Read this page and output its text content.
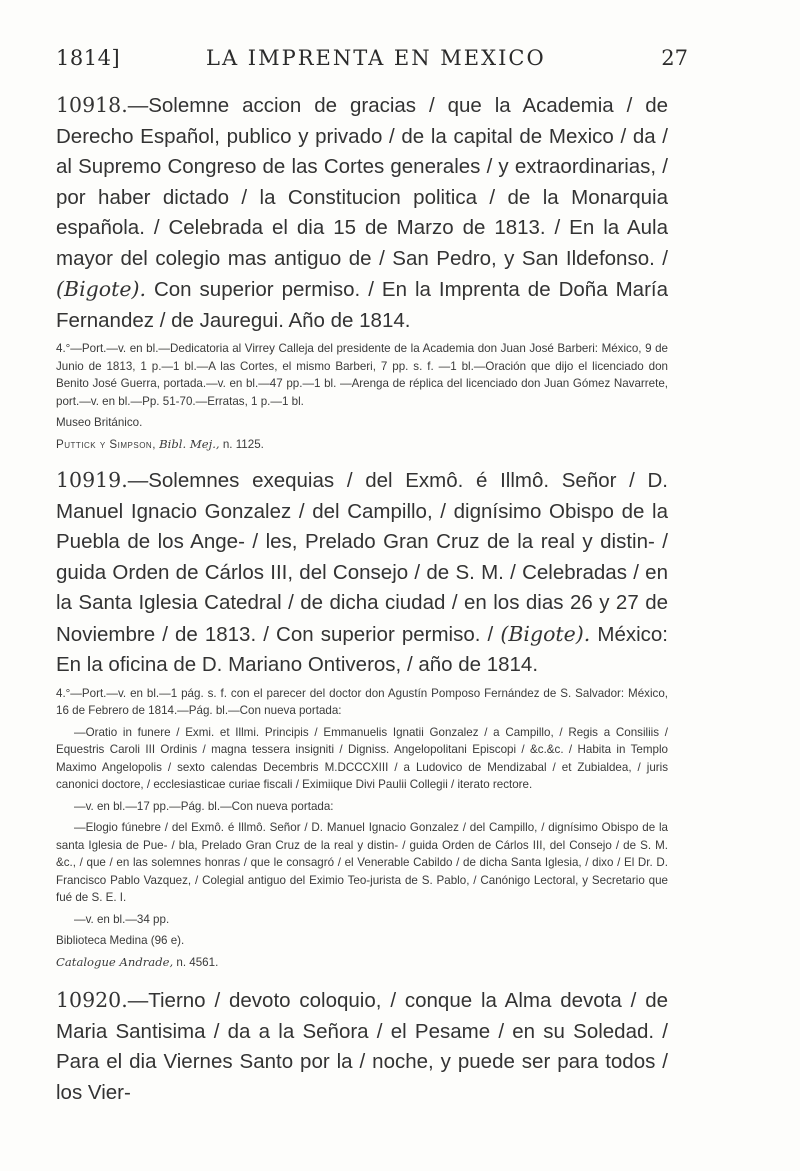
1814]	LA IMPRENTA EN MEXICO	27

10918.—Solemne accion de gracias / que la Academia / de Derecho Español, publico y privado / de la capital de Mexico / da / al Supremo Congreso de las Cortes generales / y extraordinarias, / por haber dictado / la Constitucion politica / de la Monarquia española. / Celebrada el dia 15 de Marzo de 1813. / En la Aula mayor del colegio mas antiguo de / San Pedro, y San Ildefonso. / (Bigote). Con superior permiso. / En la Imprenta de Doña María Fernandez / de Jauregui. Año de 1814.

4.°—Port.—v. en bl.—Dedicatoria al Virrey Calleja del presidente de la Academia don Juan José Barberi: México, 9 de Junio de 1813, 1 p.—1 bl.—A las Cortes, el mismo Barberi, 7 pp. s. f. —1 bl.—Oración que dijo el licenciado don Benito José Guerra, portada.—v. en bl.—47 pp.—1 bl. —Arenga de réplica del licenciado don Juan Gómez Navarrete, port.—v. en bl.—Pp. 51-70.—Erratas, 1 p.—1 bl.

Museo Británico.

Puttick y Simpson, Bibl. Mej., n. 1125.

10919.—Solemnes exequias / del Exmô. é Illmô. Señor / D. Manuel Ignacio Gonzalez / del Campillo, / dignísimo Obispo de la Puebla de los Ange- / les, Prelado Gran Cruz de la real y distin- / guida Orden de Cárlos III, del Consejo / de S. M. / Celebradas / en la Santa Iglesia Catedral / de dicha ciudad / en los dias 26 y 27 de Noviembre / de 1813. / Con superior permiso. / (Bigote). México: En la oficina de D. Mariano Ontiveros, / año de 1814.

4.°—Port.—v. en bl.—1 pág. s. f. con el parecer del doctor don Agustín Pomposo Fernández de S. Salvador: México, 16 de Febrero de 1814.—Pág. bl.—Con nueva portada:

—Oratio in funere / Exmi. et Illmi. Principis / Emmanuelis Ignatii Gonzalez / a Campillo, / Regis a Consiliis / Equestris Caroli III Ordinis / magna tessera insigniti / Digniss. Angelopolitani Episcopi / &c.&c. / Habita in Templo Maximo Angelopolis / sexto calendas Decembris M.DCCCXIII / a Ludovico de Mendizabal / et Zubialdea, / juris canonici doctore, / ecclesiasticae curiae fiscali / Eximiique Divi Paulii Collegii / iterato rectore.

—v. en bl.—17 pp.—Pág. bl.—Con nueva portada:

—Elogio fúnebre / del Exmô. é Illmô. Señor / D. Manuel Ignacio Gonzalez / del Campillo, / dignísimo Obispo de la santa Iglesia de Pue- / bla, Prelado Gran Cruz de la real y distin- / guida Orden de Cárlos III, del Consejo / de S. M. &c., / que / en las solemnes honras / que le consagró / el Venerable Cabildo / de dicha Santa Iglesia, / dixo / El Dr. D. Francisco Pablo Vazquez, / Colegial antiguo del Eximio Teo-jurista de S. Pablo, / Canónigo Lectoral, y Secretario que fué de S. E. I.

—v. en bl.—34 pp.

Biblioteca Medina (96 e).

Catalogue Andrade, n. 4561.

10920.—Tierno / devoto coloquio, / conque la Alma devota / de Maria Santisima / da a la Señora / el Pesame / en su Soledad. / Para el dia Viernes Santo por la / noche, y puede ser para todos / los Vier-
